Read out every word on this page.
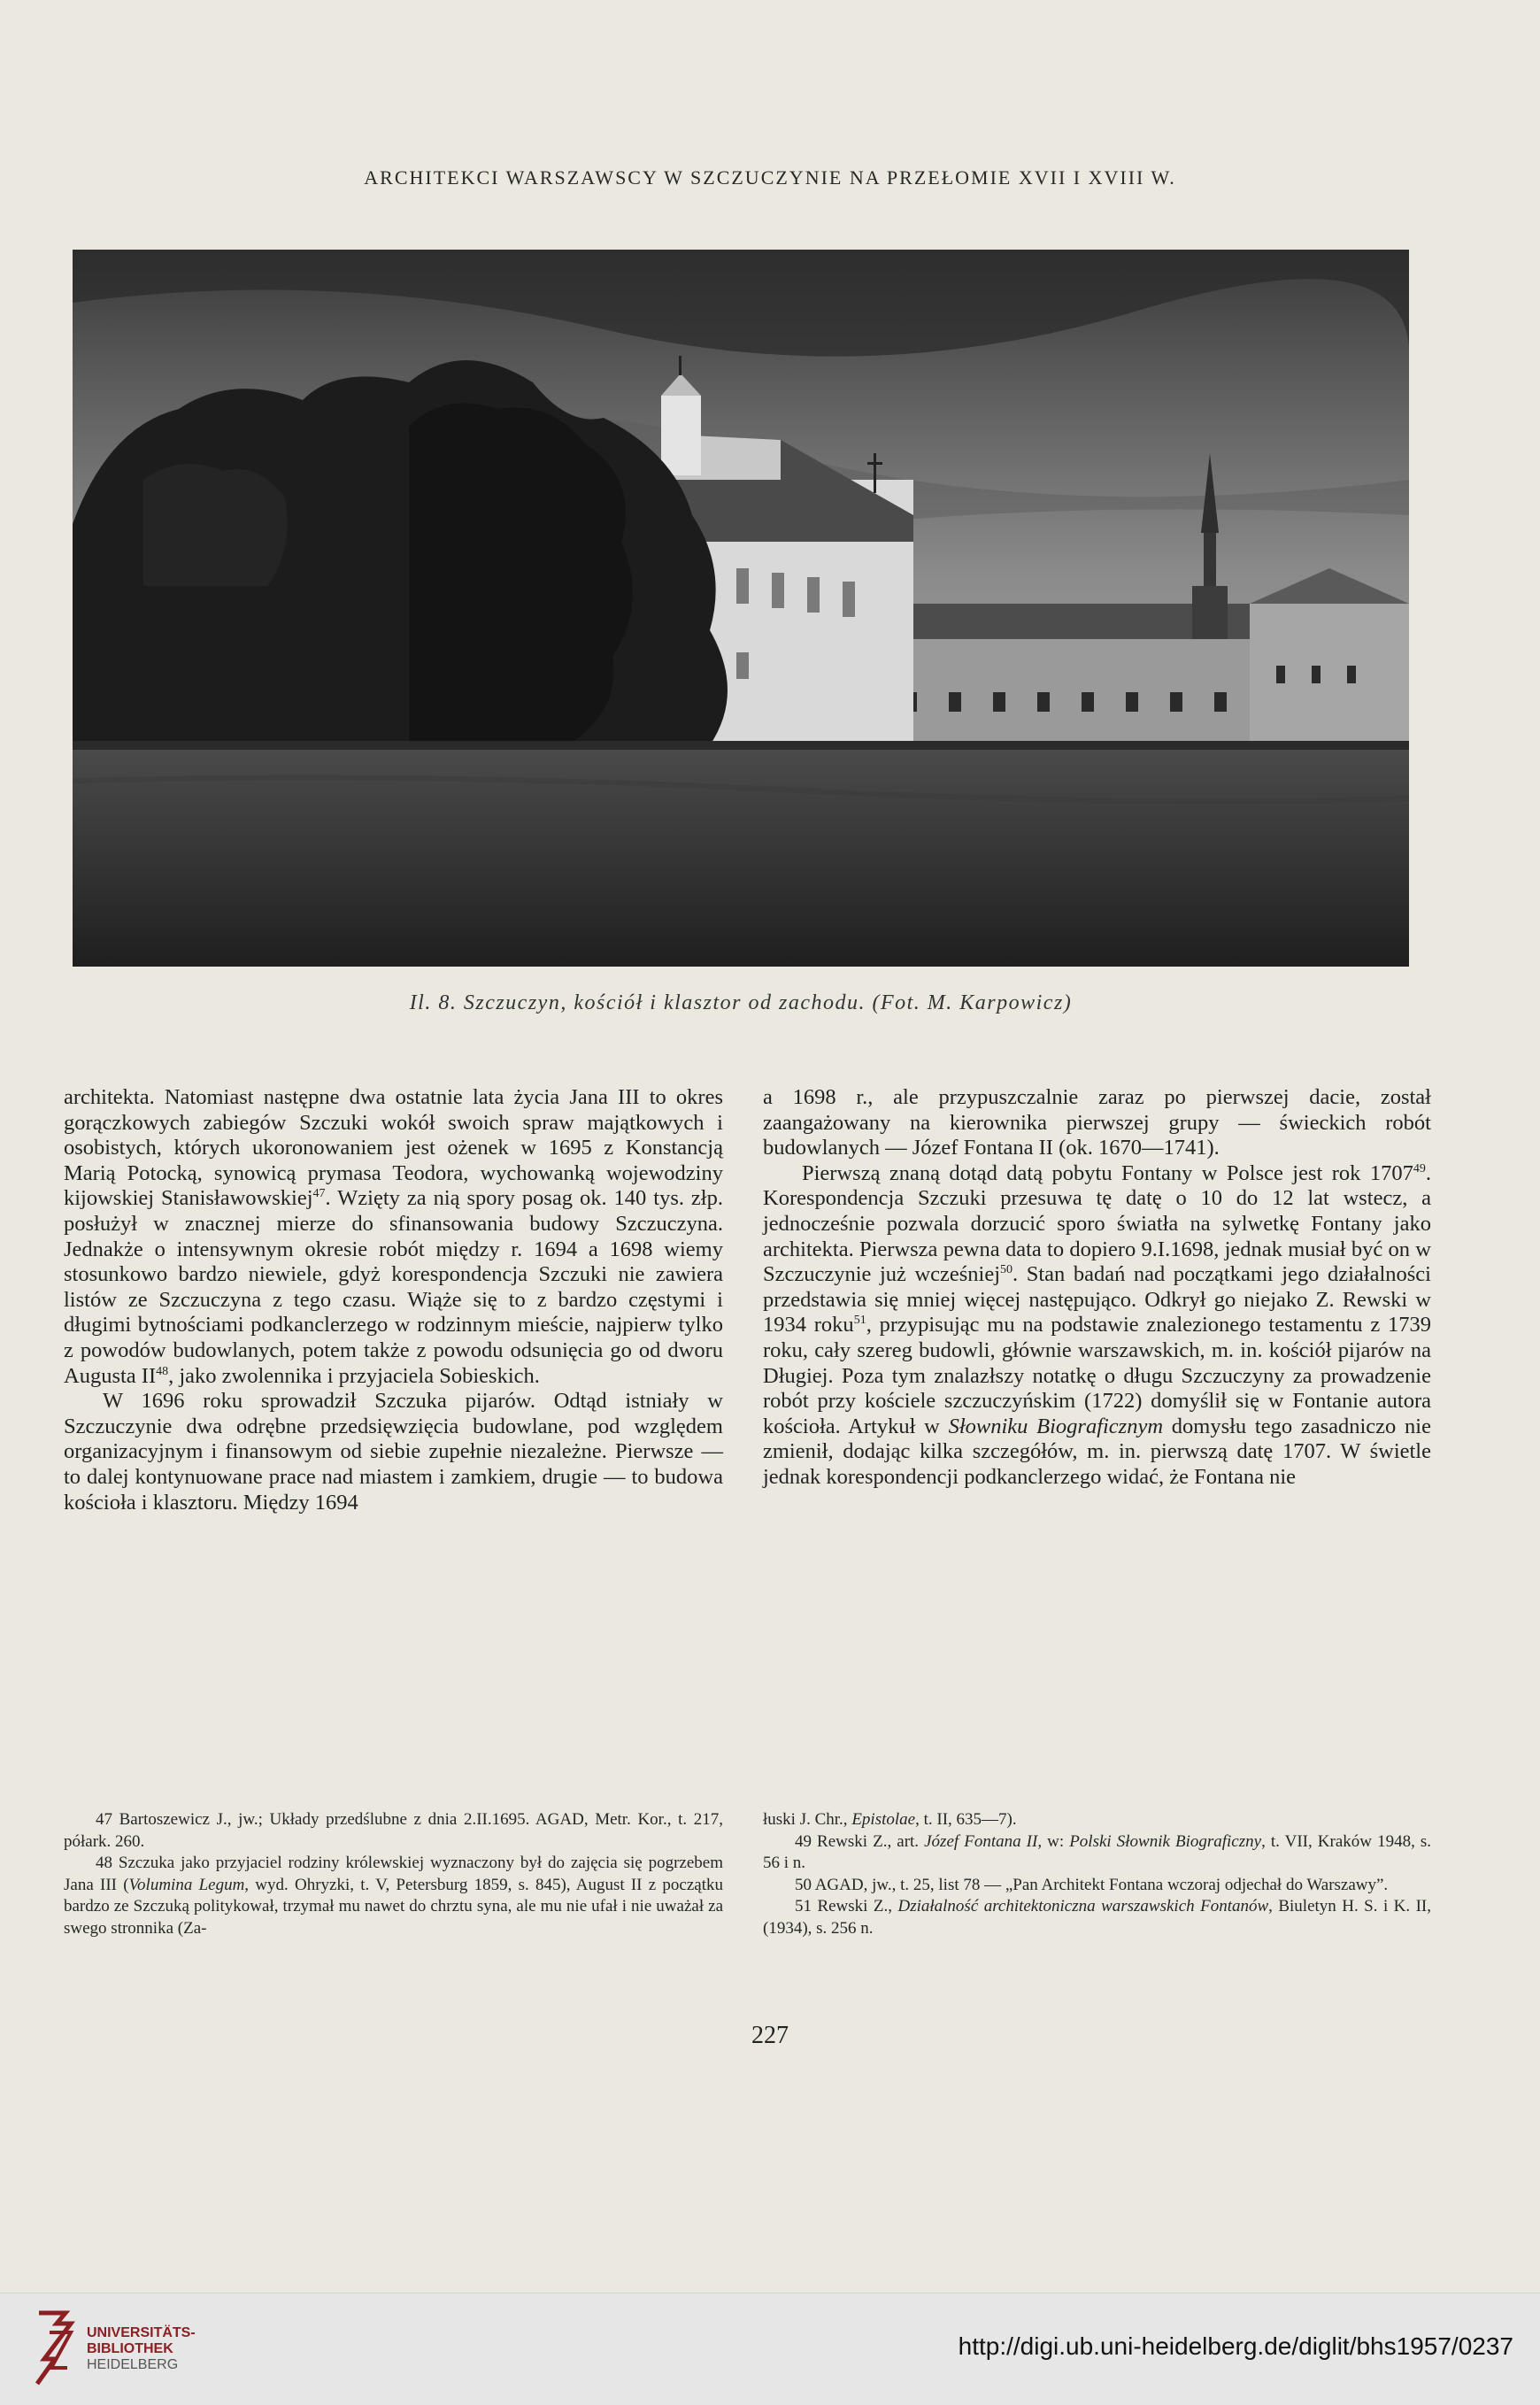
ARCHITEKCI WARSZAWSCY W SZCZUCZYNIE NA PRZEŁOMIE XVII I XVIII W.
Il. 8. Szczuczyn, kościół i klasztor od zachodu. (Fot. M. Karpowicz)

architekta. Natomiast następne dwa ostatnie lata życia Jana III to okres gorączkowych zabiegów Szczuki wokół swoich spraw majątkowych i osobistych, których ukoronowaniem jest ożenek w 1695 z Konstancją Marią Potocką, synowicą prymasa Teodora, wychowanką wojewodziny kijowskiej Stanisławowskiej$^{47}$. Wzięty za nią spory posag ok. 140 tys. złp. posłużył w znacznej mierze do sfinansowania budowy Szczuczyna. Jednakże o intensywnym okresie robót między r. 1694 a 1698 wiemy stosunkowo bardzo niewiele, gdyż korespondencja Szczuki nie zawiera listów ze Szczuczyna z tego czasu. Wiąże się to z bardzo częstymi i długimi bytnościami podkanclerzego w rodzinnym mieście, najpierw tylko z powodów budowlanych, potem także z powodu odsunięcia go od dworu Augusta II$^{48}$, jako zwolennika i przyjaciela Sobieskich.

W 1696 roku sprowadził Szczuka pijarów. Odtąd istniały w Szczuczynie dwa odrębne przedsięwzięcia budowlane, pod względem organizacyjnym i finansowym od siebie zupełnie niezależne. Pierwsze — to dalej kontynuowane prace nad miastem i zamkiem, drugie — to budowa kościoła i klasztoru. Między 1694

a 1698 r., ale przypuszczalnie zaraz po pierwszej dacie, został zaangażowany na kierownika pierwszej grupy — świeckich robót budowlanych — Józef Fontana II (ok. 1670—1741).

Pierwszą znaną dotąd datą pobytu Fontany w Polsce jest rok 1707$^{49}$. Korespondencja Szczuki przesuwa tę datę o 10 do 12 lat wstecz, a jednocześnie pozwala dorzucić sporo światła na sylwetkę Fontany jako architekta. Pierwsza pewna data to dopiero 9.I.1698, jednak musiał być on w Szczuczynie już wcześniej$^{50}$. Stan badań nad początkami jego działalności przedstawia się mniej więcej następująco. Odkrył go niejako Z. Rewski w 1934 roku$^{51}$, przypisując mu na podstawie znalezionego testamentu z 1739 roku, cały szereg budowli, głównie warszawskich, m. in. kościół pijarów na Długiej. Poza tym znalazłszy notatkę o długu Szczuczyny za prowadzenie robót przy kościele szczuczyńskim (1722) domyślił się w Fontanie autora kościoła. Artykuł w Słowniku Biograficznym domysłu tego zasadniczo nie zmienił, dodając kilka szczegółów, m. in. pierwszą datę 1707. W świetle jednak korespondencji podkanclerzego widać, że Fontana nie

47 Bartoszewicz J., jw.; Układy przedślubne z dnia 2.II.1695. AGAD, Metr. Kor., t. 217, półark. 260.

48 Szczuka jako przyjaciel rodziny królewskiej wyznaczony był do zajęcia się pogrzebem Jana III (Volumina Legum, wyd. Ohryzki, t. V, Petersburg 1859, s. 845), August II z początku bardzo ze Szczuką politykował, trzymał mu nawet do chrztu syna, ale mu nie ufał i nie uważał za swego stronnika (Za-

łuski J. Chr., Epistolae, t. II, 635—7).

49 Rewski Z., art. Józef Fontana II, w: Polski Słownik Biograficzny, t. VII, Kraków 1948, s. 56 i n.

50 AGAD, jw., t. 25, list 78 — „Pan Architekt Fontana wczoraj odjechał do Warszawy”.

51 Rewski Z., Działalność architektoniczna warszawskich Fontanów, Biuletyn H. S. i K. II, (1934), s. 256 n.

227
UNIVERSITÄTS-
BIBLIOTHEK
HEIDELBERG
http://digi.ub.uni-heidelberg.de/diglit/bhs1957/0237
